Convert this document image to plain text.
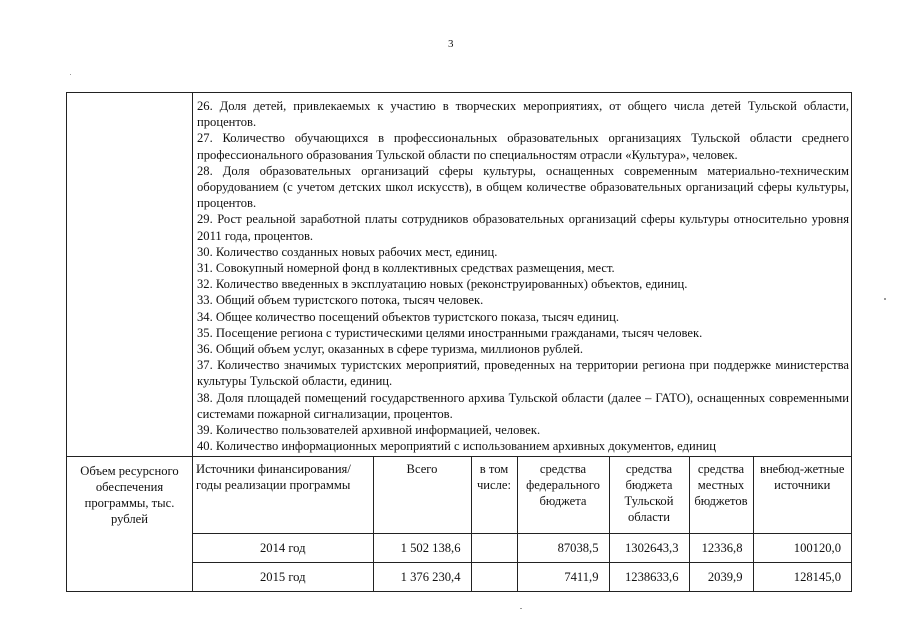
3

26. Доля детей, привлекаемых к участию в творческих мероприятиях, от общего числа детей Тульской области, процентов.
27. Количество обучающихся в профессиональных образовательных организациях Тульской области среднего профессионального образования Тульской области по специальностям отрасли «Культура», человек.
28. Доля образовательных организаций сферы культуры, оснащенных современным материально-техническим оборудованием (с учетом детских школ искусств), в общем количестве образовательных организаций сферы культуры, процентов.
29. Рост реальной заработной платы сотрудников образовательных организаций сферы культуры относительно уровня 2011 года, процентов.
30. Количество созданных новых рабочих мест, единиц.
31. Совокупный номерной фонд в коллективных средствах размещения, мест.
32. Количество введенных в эксплуатацию новых (реконструированных) объектов, единиц.
33. Общий объем туристского потока, тысяч человек.
34. Общее количество посещений объектов туристского показа, тысяч единиц.
35. Посещение региона с туристическими целями иностранными гражданами, тысяч человек.
36. Общий объем услуг, оказанных в сфере туризма, миллионов рублей.
37. Количество значимых туристских мероприятий, проведенных на территории региона при поддержке министерства культуры Тульской области, единиц.
38. Доля площадей помещений государственного архива Тульской области (далее – ГАТО), оснащенных современными системами пожарной сигнализации, процентов.
39. Количество пользователей архивной информацией, человек.
40. Количество информационных мероприятий с использованием архивных документов, единиц

Объем ресурсного обеспечения программы, тыс. рублей

Источники финансирования/ годы реализации программы	Всего	в том числе:	средства федерального бюджета	средства бюджета Тульской области	средства местных бюджетов	внебюд-жетные источники
2014 год	1 502 138,6		87038,5	1302643,3	12336,8	100120,0
2015 год	1 376 230,4		7411,9	1238633,6	2039,9	128145,0
